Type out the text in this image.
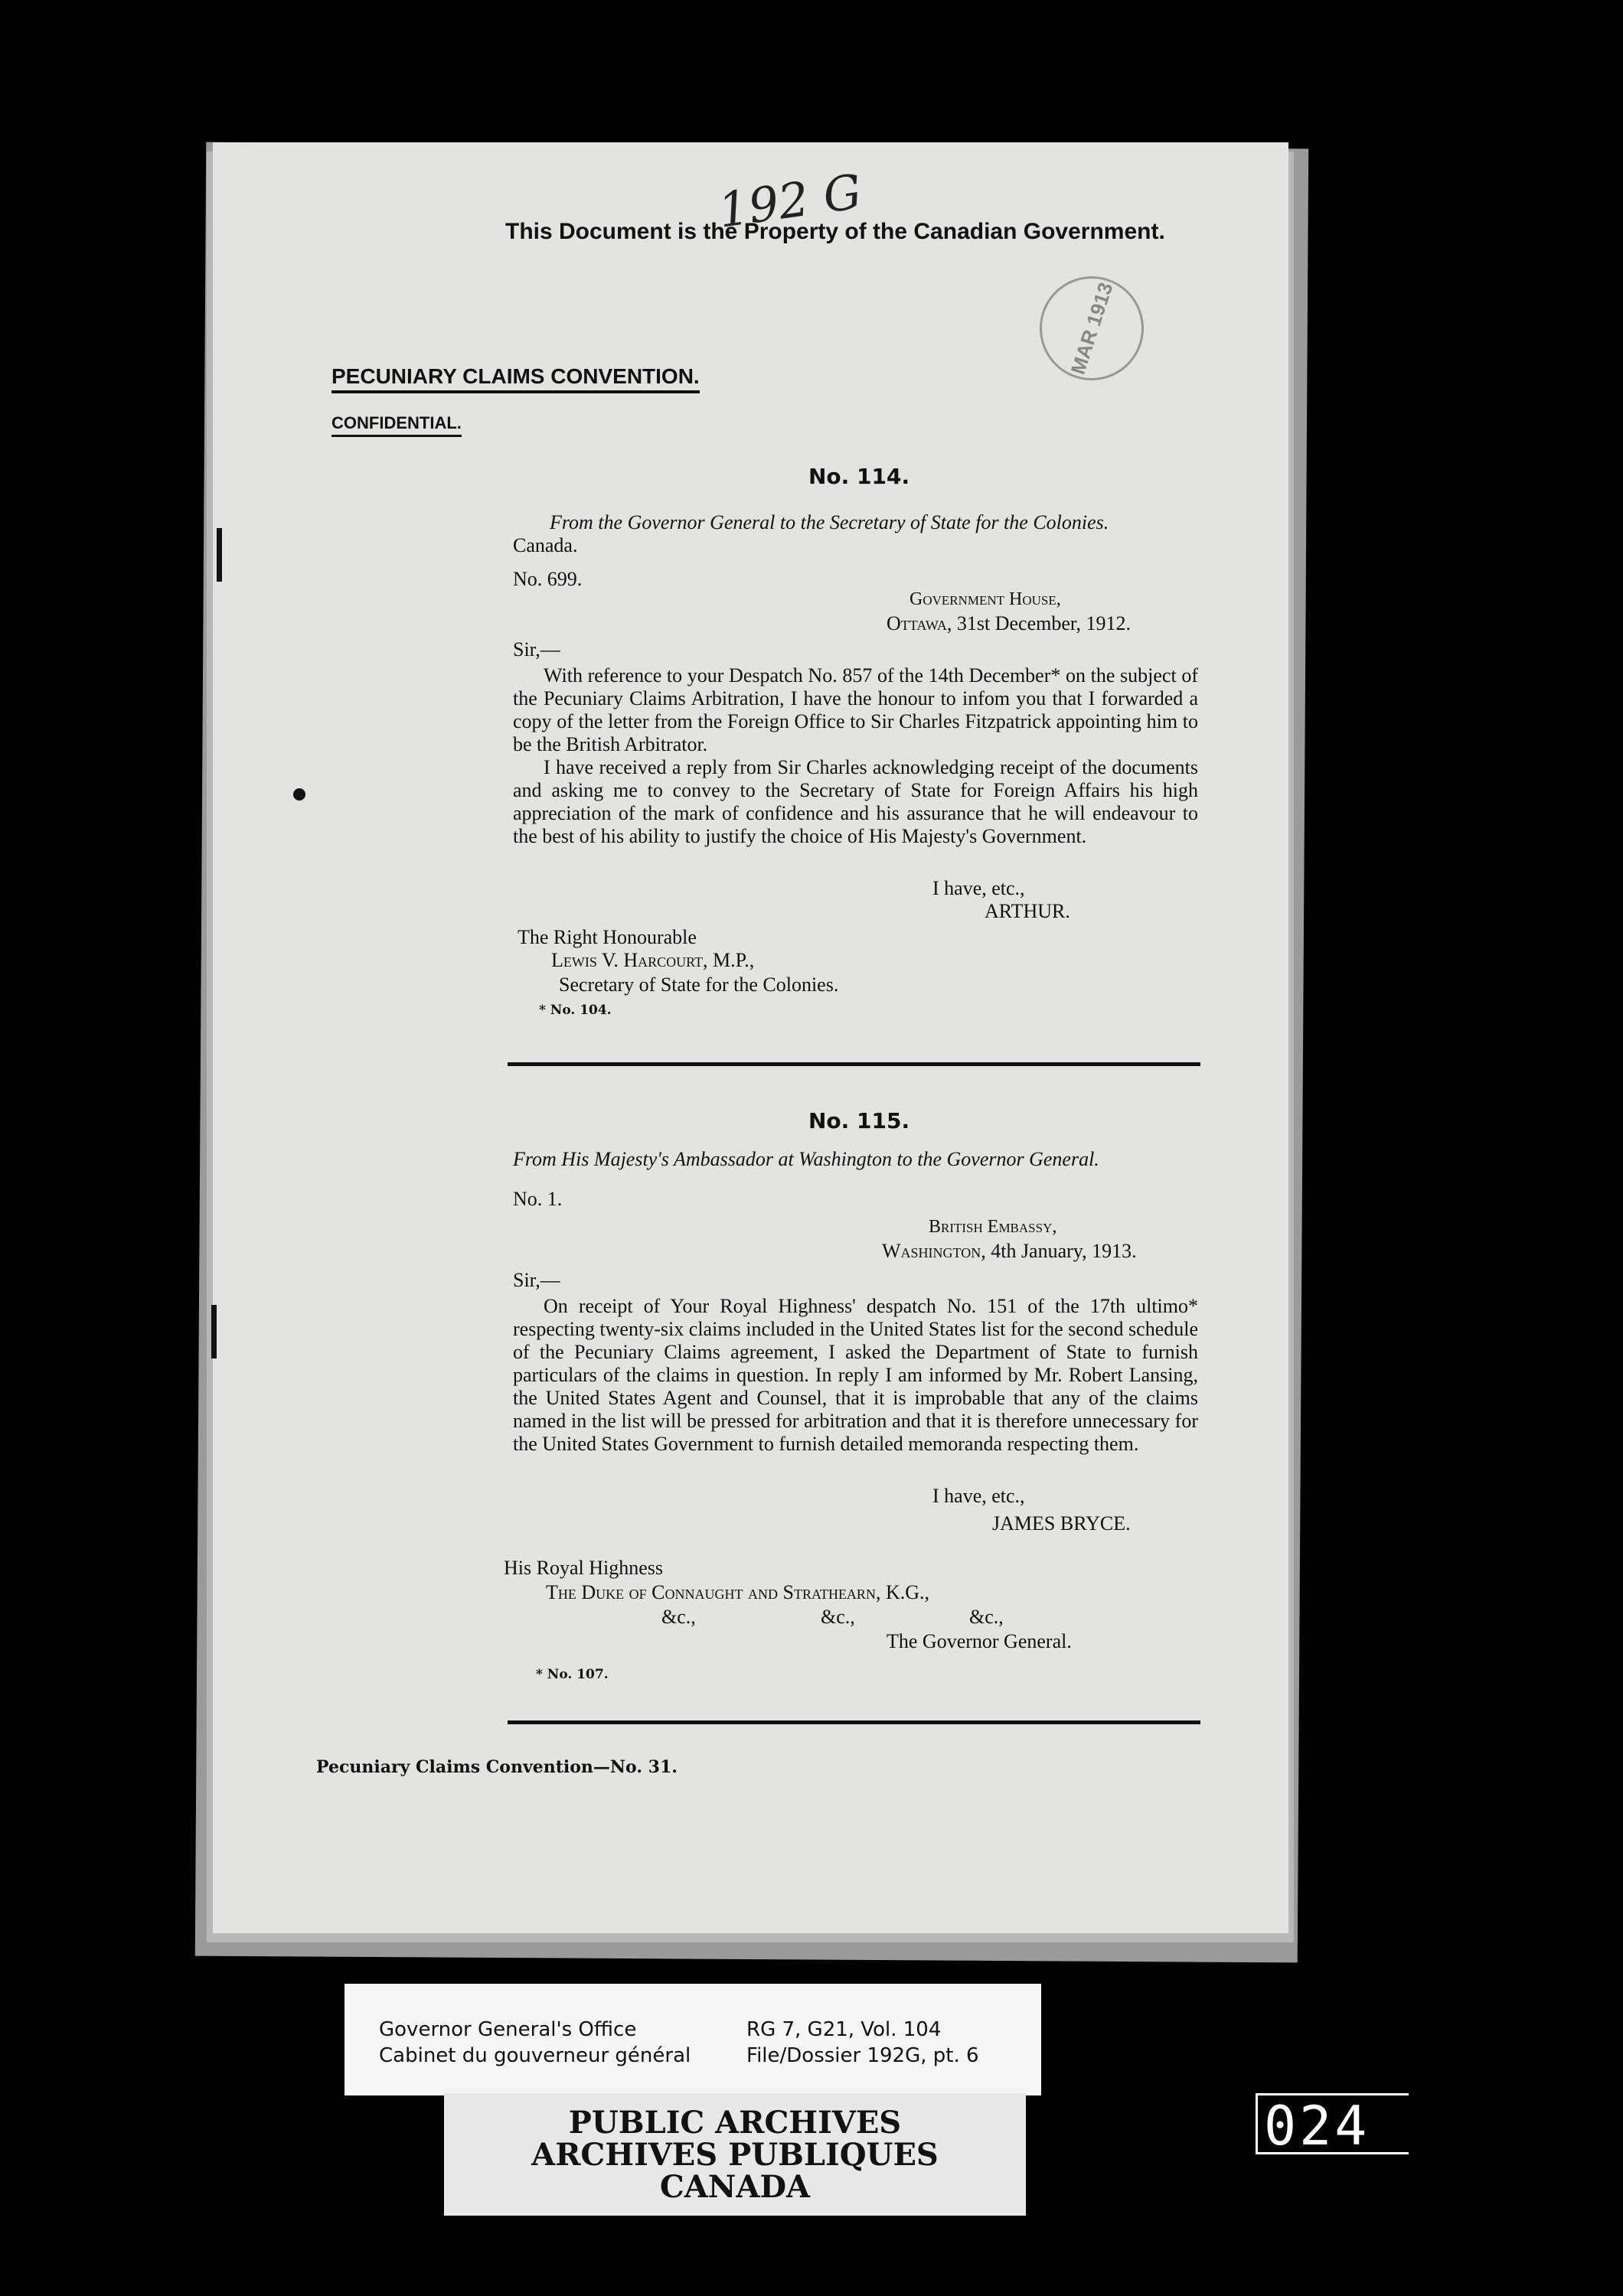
192 G
This Document is the Property of the Canadian Government.
MAR 1913
PECUNIARY CLAIMS CONVENTION.
CONFIDENTIAL.
No. 114.
From the Governor General to the Secretary of State for the Colonies.
Canada.
No. 699.
Government House,
Ottawa, 31st December, 1912.
Sir,—

With reference to your Despatch No. 857 of the 14th December* on the subject of the Pecuniary Claims Arbitration, I have the honour to infom you that I forwarded a copy of the letter from the Foreign Office to Sir Charles Fitzpatrick appointing him to be the British Arbitrator.

I have received a reply from Sir Charles acknowledging receipt of the documents and asking me to convey to the Secretary of State for Foreign Affairs his high appreciation of the mark of confidence and his assurance that he will endeavour to the best of his ability to justify the choice of His Majesty's Government.

I have, etc.,
ARTHUR.
The Right Honourable
Lewis V. Harcourt, M.P.,
Secretary of State for the Colonies.
* No. 104.
No. 115.
From His Majesty's Ambassador at Washington to the Governor General.
No. 1.
British Embassy,
Washington, 4th January, 1913.
Sir,—

On receipt of Your Royal Highness' despatch No. 151 of the 17th ultimo* respecting twenty-six claims included in the United States list for the second schedule of the Pecuniary Claims agreement, I asked the Department of State to furnish particulars of the claims in question. In reply I am informed by Mr. Robert Lansing, the United States Agent and Counsel, that it is improbable that any of the claims named in the list will be pressed for arbitration and that it is therefore unnecessary for the United States Government to furnish detailed memoranda respecting them.

I have, etc.,
JAMES BRYCE.
His Royal Highness
The Duke of Connaught and Strathearn, K.G.,
&c.,	&c.,	&c.,
The Governor General.
* No. 107.
Pecuniary Claims Convention—No. 31.
Governor General's Office
Cabinet du gouverneur général
RG 7, G21, Vol. 104
File/Dossier 192G, pt. 6
PUBLIC ARCHIVES
ARCHIVES PUBLIQUES
CANADA
024
